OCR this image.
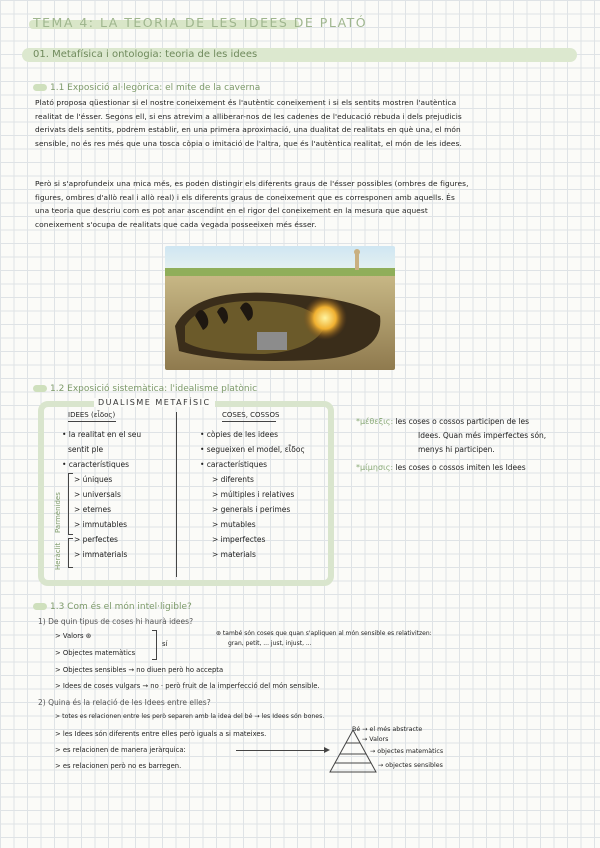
TEMA 4: LA TEORIA DE LES IDEES DE PLATÓ
01. Metafísica i ontologia: teoria de les idees
1.1 Exposició al·legòrica: el mite de la caverna
Plató proposa qüestionar si el nostre coneixement és l'autèntic coneixement i si els sentits mostren l'autèntica
realitat de l'ésser. Segons ell, si ens atrevim a alliberar-nos de les cadenes de l'educació rebuda i dels prejudicis
derivats dels sentits, podrem establir, en una primera aproximació, una dualitat de realitats en què una, el món
sensible, no és res més que una tosca còpia o imitació de l'altra, que és l'autèntica realitat, el món de les idees.
Però si s'aprofundeix una mica més, es poden distingir els diferents graus de l'ésser possibles (ombres de figures,
figures, ombres d'allò real i allò real) i els diferents graus de coneixement que es corresponen amb aquells. És
una teoria que descriu com es pot anar ascendint en el rigor del coneixement en la mesura que aquest
coneixement s'ocupa de realitats que cada vegada posseeixen més ésser.
1.2 Exposició sistemàtica: l'idealisme platònic
DUALISME METAFÍSIC
IDEES (εἶδος)	COSES, COSSOS
• la realitat en el seu
sentit ple
• característiques
> úniques
> universals
> eternes
> immutables
> perfectes
> immaterials
• còpies de les idees
• segueixen el model, εἶδος
• característiques
> diferents
> múltiples i relatives
> generals i perimes
> mutables
> imperfectes
> materials
Parmènides
Heràclit
*μέθεξις: les coses o cossos participen de les
Idees. Quan més imperfectes són,
menys hi participen.
*μίμησις: les coses o cossos imiten les Idees
1.3 Com és el món intel·ligible?
1) De quin tipus de coses hi haurà idees?
> Valors ⊛
> Objectes matemàtics
sí
⊛ també són coses que quan s'apliquen al món sensible es relativitzen:
gran, petit, ... just, injust, ...
> Objectes sensibles → no diuen però ho accepta
> Idees de coses vulgars → no · però fruit de la imperfecció del món sensible.
2) Quina és la relació de les Idees entre elles?
> totes es relacionen entre les però separen amb la idea del bé → les Idees són bones.
> les Idees són diferents entre elles però iguals a si mateixes.
> es relacionen de manera jeràrquica:
> es relacionen però no es barregen.
Bé → el més abstracte
→ Valors
→ objectes matemàtics
→ objectes sensibles
